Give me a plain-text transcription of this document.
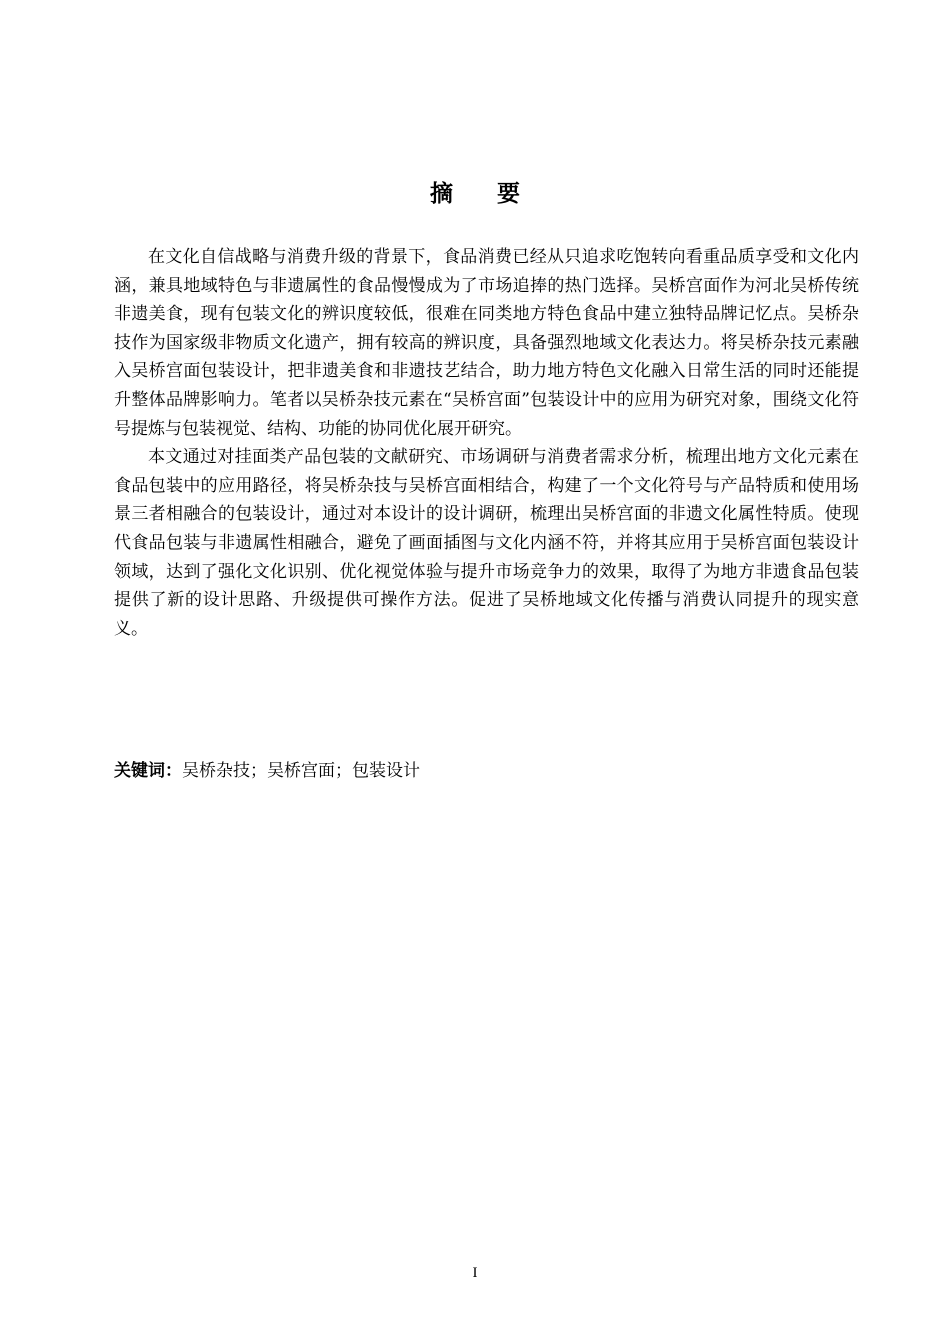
摘 要

在文化自信战略与消费升级的背景下，食品消费已经从只追求吃饱转向看重品质享受和文化内涵，兼具地域特色与非遗属性的食品慢慢成为了市场追捧的热门选择。吴桥宫面作为河北吴桥传统非遗美食，现有包装文化的辨识度较低，很难在同类地方特色食品中建立独特品牌记忆点。吴桥杂技作为国家级非物质文化遗产，拥有较高的辨识度，具备强烈地域文化表达力。将吴桥杂技元素融入吴桥宫面包装设计，把非遗美食和非遗技艺结合，助力地方特色文化融入日常生活的同时还能提升整体品牌影响力。笔者以吴桥杂技元素在“吴桥宫面”包装设计中的应用为研究对象，围绕文化符号提炼与包装视觉、结构、功能的协同优化展开研究。

本文通过对挂面类产品包装的文献研究、市场调研与消费者需求分析，梳理出地方文化元素在食品包装中的应用路径，将吴桥杂技与吴桥宫面相结合，构建了一个文化符号与产品特质和使用场景三者相融合的包装设计，通过对本设计的设计调研，梳理出吴桥宫面的非遗文化属性特质。使现代食品包装与非遗属性相融合，避免了画面插图与文化内涵不符，并将其应用于吴桥宫面包装设计领域，达到了强化文化识别、优化视觉体验与提升市场竞争力的效果，取得了为地方非遗食品包装提供了新的设计思路、升级提供可操作方法。促进了吴桥地域文化传播与消费认同提升的现实意义。

关键词：吴桥杂技；吴桥宫面；包装设计
I
